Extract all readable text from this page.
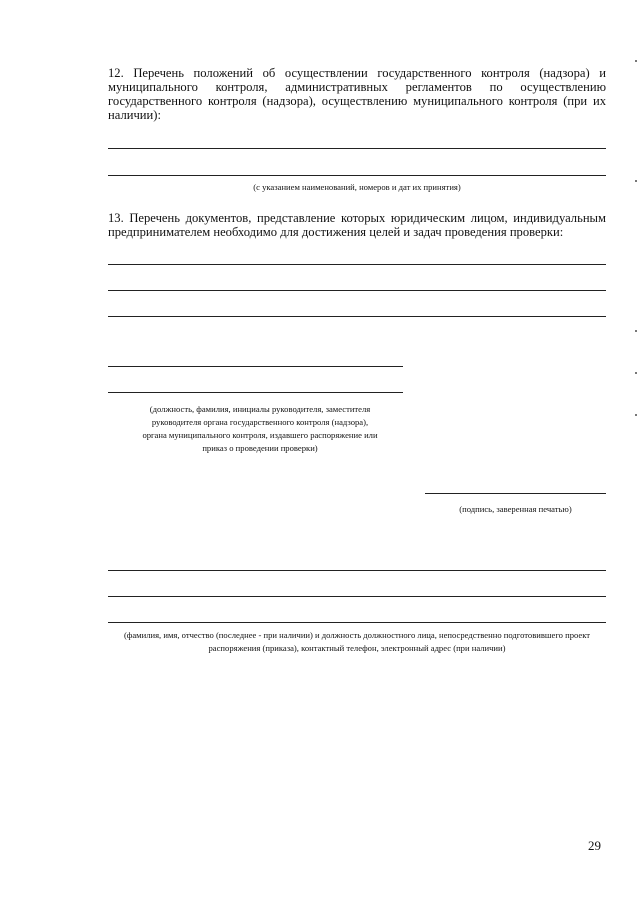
12. Перечень положений об осуществлении государственного контроля (надзора) и муниципального контроля, административных регламентов по осуществлению государственного контроля (надзора), осуществлению муниципального контроля (при их наличии):
(с указанием наименований, номеров и дат их принятия)
13. Перечень документов, представление которых юридическим лицом, индивидуальным предпринимателем необходимо для достижения целей и задач проведения проверки:
(должность, фамилия, инициалы руководителя, заместителя руководителя органа государственного контроля (надзора), органа муниципального контроля, издавшего распоряжение или приказ о проведении проверки)
(подпись, заверенная печатью)
(фамилия, имя, отчество (последнее - при наличии) и должность должностного лица, непосредственно подготовившего проект распоряжения (приказа), контактный телефон, электронный адрес (при наличии)
29
